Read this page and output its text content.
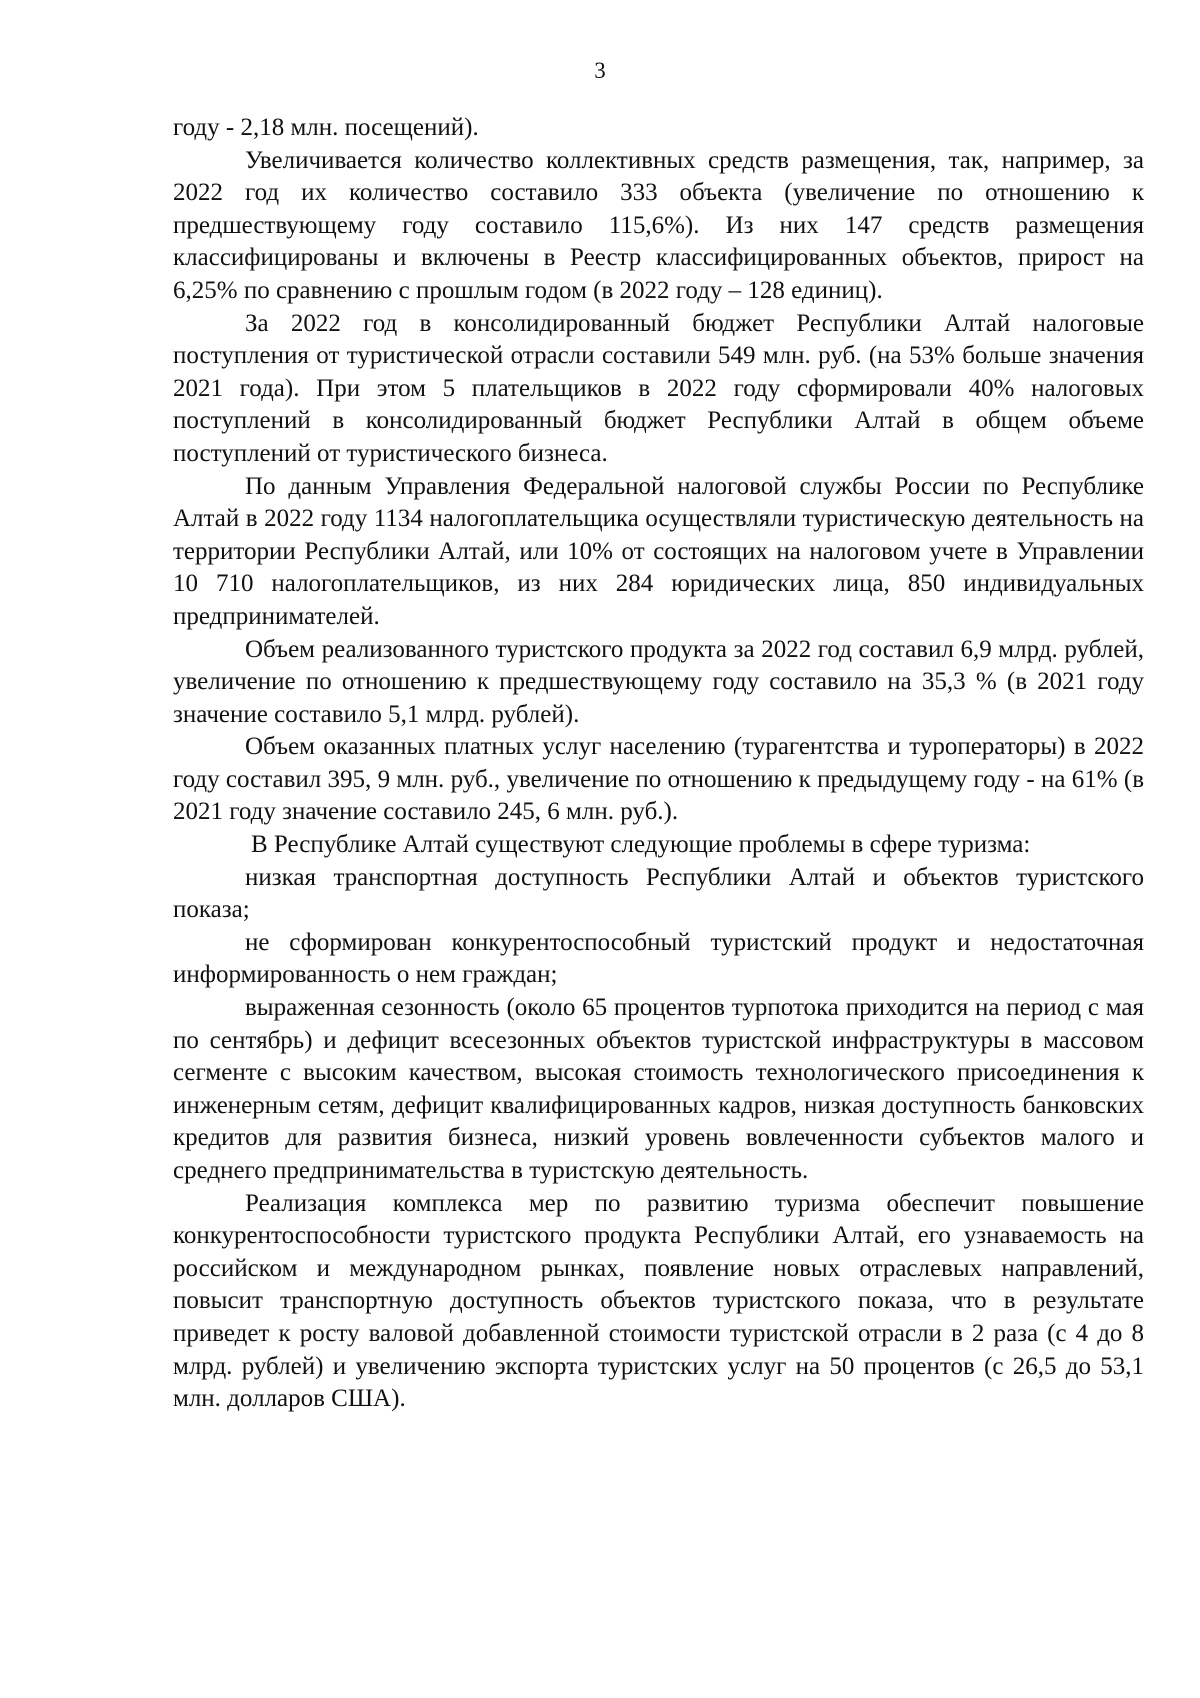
3

году - 2,18 млн. посещений).

Увеличивается количество коллективных средств размещения, так, например, за 2022 год их количество составило 333 объекта (увеличение по отношению к предшествующему году составило 115,6%). Из них 147 средств размещения классифицированы и включены в Реестр классифицированных объектов, прирост на 6,25% по сравнению с прошлым годом (в 2022 году – 128 единиц).

За 2022 год в консолидированный бюджет Республики Алтай налоговые поступления от туристической отрасли составили 549 млн. руб. (на 53% больше значения 2021 года). При этом 5 плательщиков в 2022 году сформировали 40% налоговых поступлений в консолидированный бюджет Республики Алтай в общем объеме поступлений от туристического бизнеса.

По данным Управления Федеральной налоговой службы России по Республике Алтай в 2022 году 1134 налогоплательщика осуществляли туристическую деятельность на территории Республики Алтай, или 10% от состоящих на налоговом учете в Управлении 10 710 налогоплательщиков, из них 284 юридических лица, 850 индивидуальных предпринимателей.

Объем реализованного туристского продукта за 2022 год составил 6,9 млрд. рублей, увеличение по отношению к предшествующему году составило на 35,3 % (в 2021 году значение составило 5,1 млрд. рублей).

Объем оказанных платных услуг населению (турагентства и туроператоры) в 2022 году составил 395, 9 млн. руб., увеличение по отношению к предыдущему году - на 61% (в 2021 году значение составило 245, 6 млн. руб.).

В Республике Алтай существуют следующие проблемы в сфере туризма:

низкая транспортная доступность Республики Алтай и объектов туристского показа;

не сформирован конкурентоспособный туристский продукт и недостаточная информированность о нем граждан;

выраженная сезонность (около 65 процентов турпотока приходится на период с мая по сентябрь) и дефицит всесезонных объектов туристской инфраструктуры в массовом сегменте с высоким качеством, высокая стоимость технологического присоединения к инженерным сетям, дефицит квалифицированных кадров, низкая доступность банковских кредитов для развития бизнеса, низкий уровень вовлеченности субъектов малого и среднего предпринимательства в туристскую деятельность.

Реализация комплекса мер по развитию туризма обеспечит повышение конкурентоспособности туристского продукта Республики Алтай, его узнаваемость на российском и международном рынках, появление новых отраслевых направлений, повысит транспортную доступность объектов туристского показа, что в результате приведет к росту валовой добавленной стоимости туристской отрасли в 2 раза (с 4 до 8 млрд. рублей) и увеличению экспорта туристских услуг на 50 процентов (с 26,5 до 53,1 млн. долларов США).
